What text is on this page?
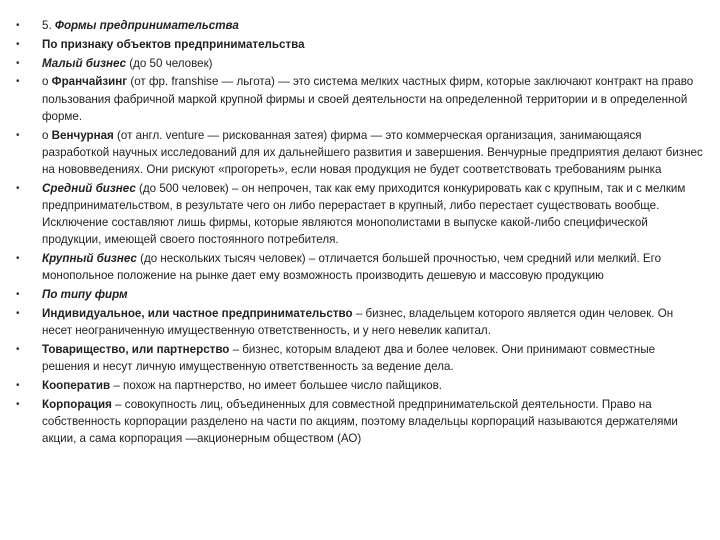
•	5. Формы предпринимательства
•	По признаку объектов предпринимательства
•	Малый бизнес (до 50 человек)
•	o Франчайзинг (от фр. franshise — льгота) — это система мелких частных фирм, которые заключают контракт на право пользования фабричной маркой крупной фирмы и своей деятельности на определенной территории и в определенной форме.
•	o Венчурная (от англ. venture — рискованная затея) фирма — это коммерческая организация, занимающаяся разработкой научных исследований для их дальнейшего развития и завершения. Венчурные предприятия делают бизнес на нововведениях. Они рискуют «прогореть», если новая продукция не будет соответствовать требованиям рынка
•	Средний бизнес (до 500 человек) – он непрочен, так как ему приходится конкурировать как с крупным, так и с мелким предпринимательством, в результате чего он либо перерастает в крупный, либо перестает существовать вообще. Исключение составляют лишь фирмы, которые являются монополистами в выпуске какой-либо специфической продукции, имеющей своего постоянного потребителя.
•	Крупный бизнес (до нескольких тысяч человек) – отличается большей прочностью, чем средний или мелкий. Его монопольное положение на рынке дает ему возможность производить дешевую и массовую продукцию
•	По типу фирм
•	Индивидуальное, или частное предпринимательство – бизнес, владельцем которого является один человек. Он несет неограниченную имущественную ответственность, и у него невелик капитал.
•	Товарищество, или партнерство – бизнес, которым владеют два и более человек. Они принимают совместные решения и несут личную имущественную ответственность за ведение дела.
•	Кооператив – похож на партнерство, но имеет большее число пайщиков.
•	Корпорация – совокупность лиц, объединенных для совместной предпринимательской деятельности. Право на собственность корпорации разделено на части по акциям, поэтому владельцы корпораций называются держателями акции, а сама корпорация —акционерным обществом (АО)
